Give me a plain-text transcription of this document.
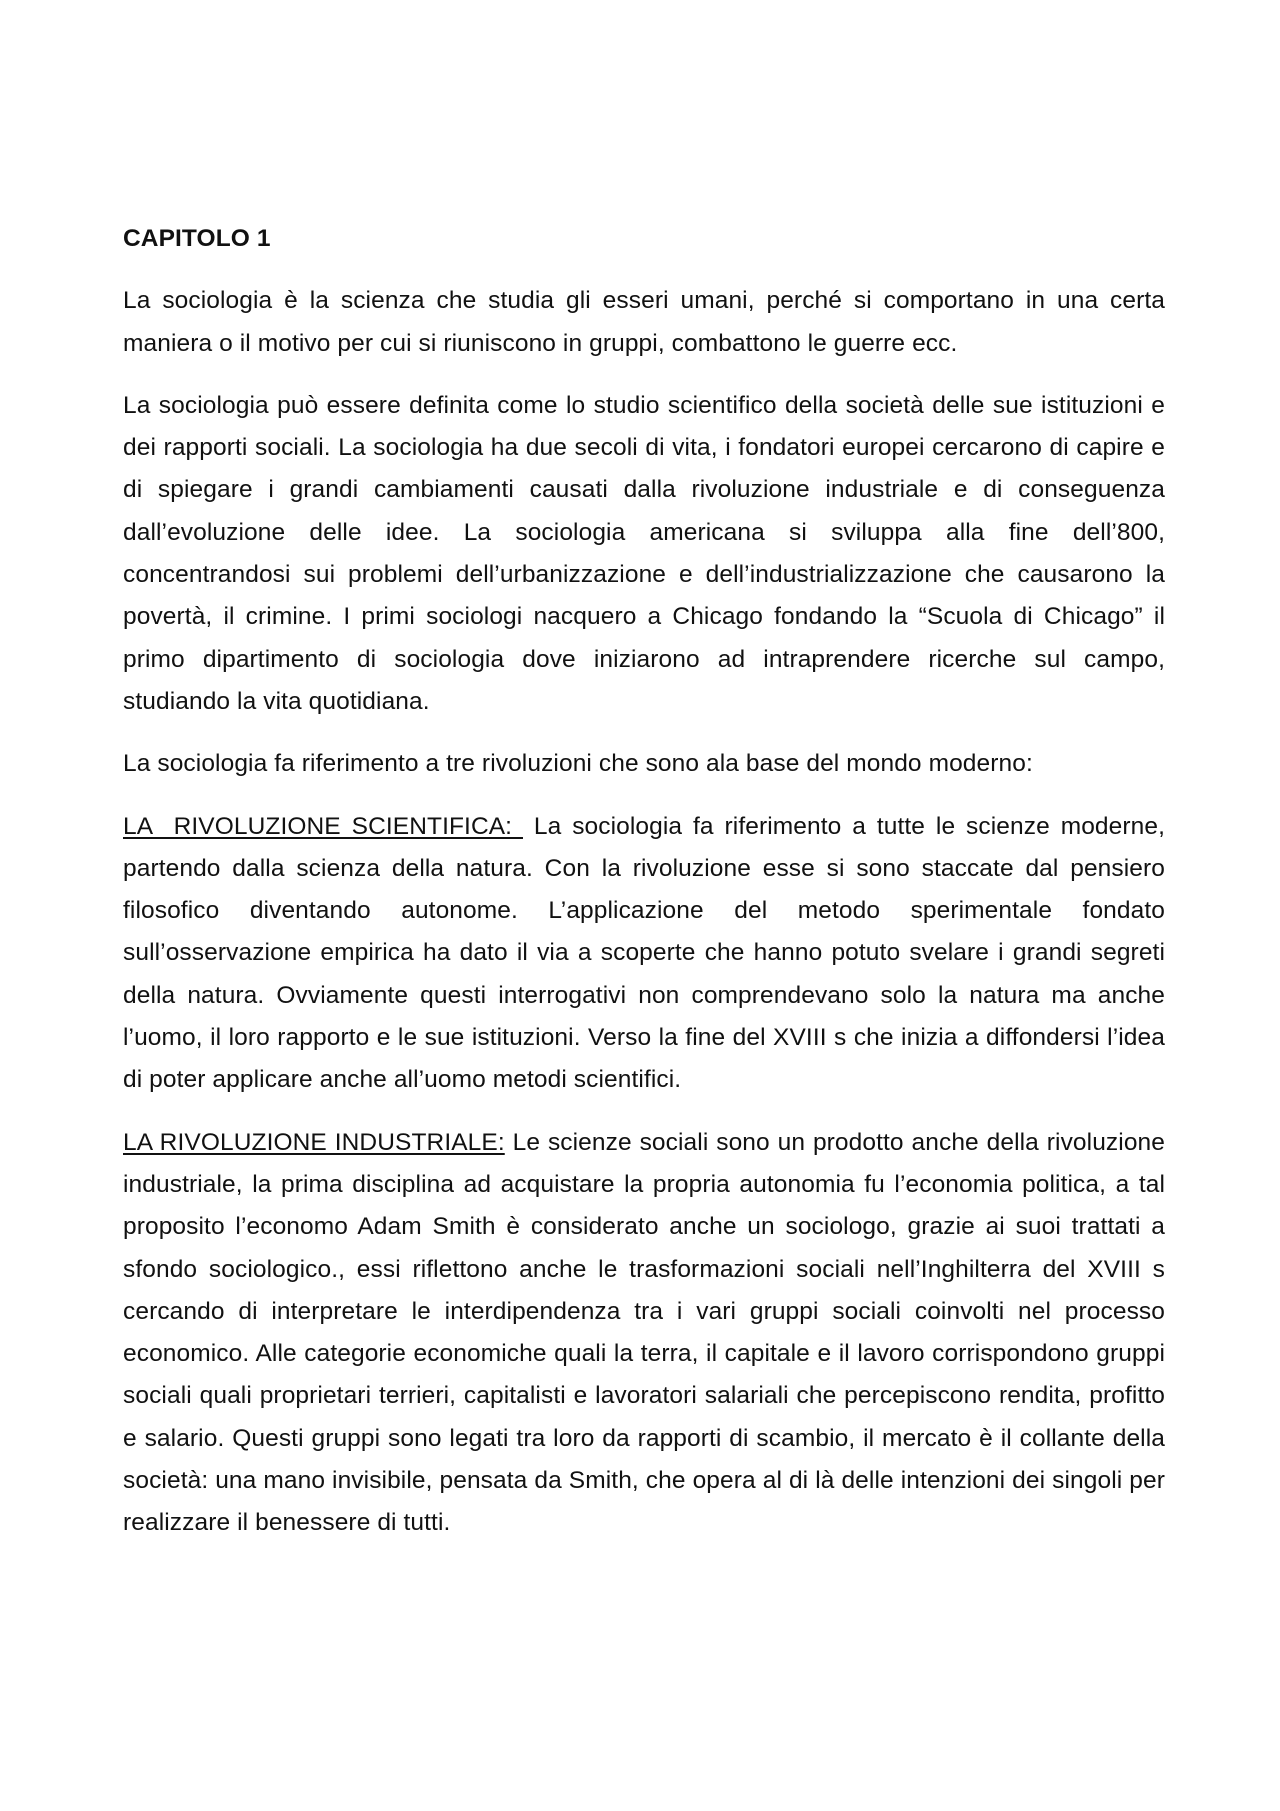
CAPITOLO 1

La sociologia è la scienza che studia gli esseri umani, perché si comportano in una certa maniera o il motivo per cui si riuniscono in gruppi, combattono le guerre ecc.

La sociologia può essere definita come lo studio scientifico della società delle sue istituzioni e dei rapporti sociali. La sociologia ha due secoli di vita, i fondatori europei cercarono di capire e di spiegare i grandi cambiamenti causati dalla rivoluzione industriale e di conseguenza dall’evoluzione delle idee. La sociologia americana si sviluppa alla fine dell’800, concentrandosi sui problemi dell’urbanizzazione e dell’industrializzazione che causarono la povertà, il crimine. I primi sociologi nacquero a Chicago fondando la “Scuola di Chicago” il primo dipartimento di sociologia dove iniziarono ad intraprendere ricerche sul campo, studiando la vita quotidiana.

La sociologia fa riferimento a tre rivoluzioni che sono ala base del mondo moderno:

LA  RIVOLUZIONE SCIENTIFICA:  La sociologia fa riferimento a tutte le scienze moderne, partendo dalla scienza della natura. Con la rivoluzione esse si sono staccate dal pensiero filosofico diventando autonome. L’applicazione del metodo sperimentale fondato sull’osservazione empirica ha dato il via a scoperte che hanno potuto svelare i grandi segreti della natura. Ovviamente questi interrogativi non comprendevano solo la natura ma anche l’uomo, il loro rapporto e le sue istituzioni. Verso la fine del XVIII s che inizia a diffondersi l’idea di poter applicare anche all’uomo metodi scientifici.

LA RIVOLUZIONE INDUSTRIALE: Le scienze sociali sono un prodotto anche della rivoluzione industriale, la prima disciplina ad acquistare la propria autonomia fu l’economia politica, a tal proposito l’economo Adam Smith è considerato anche un sociologo, grazie ai suoi trattati a sfondo sociologico., essi riflettono anche le trasformazioni sociali nell’Inghilterra del XVIII s cercando di interpretare le interdipendenza tra i vari gruppi sociali coinvolti nel processo economico. Alle categorie economiche quali la terra, il capitale e il lavoro corrispondono gruppi sociali quali proprietari terrieri, capitalisti e lavoratori salariali che percepiscono rendita, profitto e salario. Questi gruppi sono legati tra loro da rapporti di scambio, il mercato è il collante della società: una mano invisibile, pensata da Smith, che opera al di là delle intenzioni dei singoli per realizzare il benessere di tutti.
